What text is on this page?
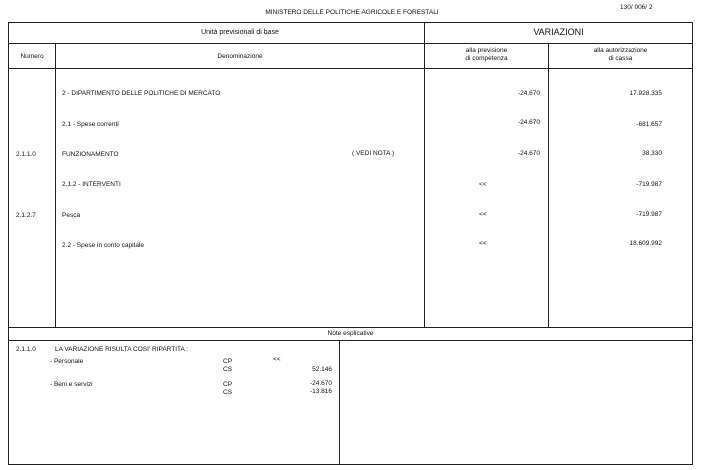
MINISTERO DELLE POLITICHE AGRICOLE E FORESTALI
130/ 006/ 2
Unità previsionali di base	VARIAZIONI
Numero	Denominazione
alla previsione
di competenza
alla autorizzazione
di cassa
2 - DIPARTIMENTO DELLE POLITICHE DI MERCATO	-24.670	17.928.335
2.1 - Spese correnti	-24.670	-681.657
2.1.1.0	FUNZIONAMENTO	( VEDI NOTA )	-24.670	38.330
2.1.2 - INTERVENTI	<<	-719.987
2.1.2.7	Pesca	<<	-719.987
2.2 - Spese in conto capitale	<<	18.609.992
Note esplicative
2.1.1.0	LA VARIAZIONE RISULTA COSI' RIPARTITA :
- Personale	CP	<<
CS	52.146
- Beni e servizi	CP	-24.670
CS	-13.816
